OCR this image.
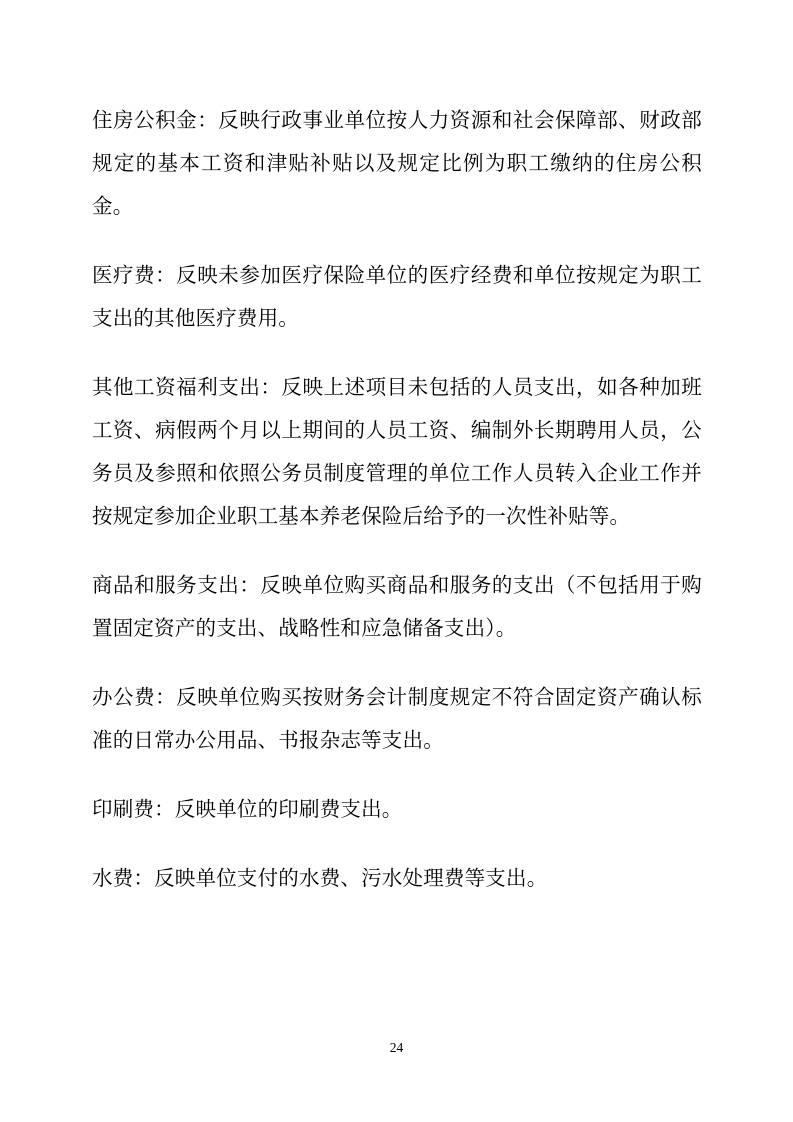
住房公积金：反映行政事业单位按人力资源和社会保障部、财政部规定的基本工资和津贴补贴以及规定比例为职工缴纳的住房公积金。

医疗费：反映未参加医疗保险单位的医疗经费和单位按规定为职工支出的其他医疗费用。

其他工资福利支出：反映上述项目未包括的人员支出，如各种加班工资、病假两个月以上期间的人员工资、编制外长期聘用人员，公务员及参照和依照公务员制度管理的单位工作人员转入企业工作并按规定参加企业职工基本养老保险后给予的一次性补贴等。

商品和服务支出：反映单位购买商品和服务的支出（不包括用于购置固定资产的支出、战略性和应急储备支出）。

办公费：反映单位购买按财务会计制度规定不符合固定资产确认标准的日常办公用品、书报杂志等支出。

印刷费：反映单位的印刷费支出。

水费：反映单位支付的水费、污水处理费等支出。

24
